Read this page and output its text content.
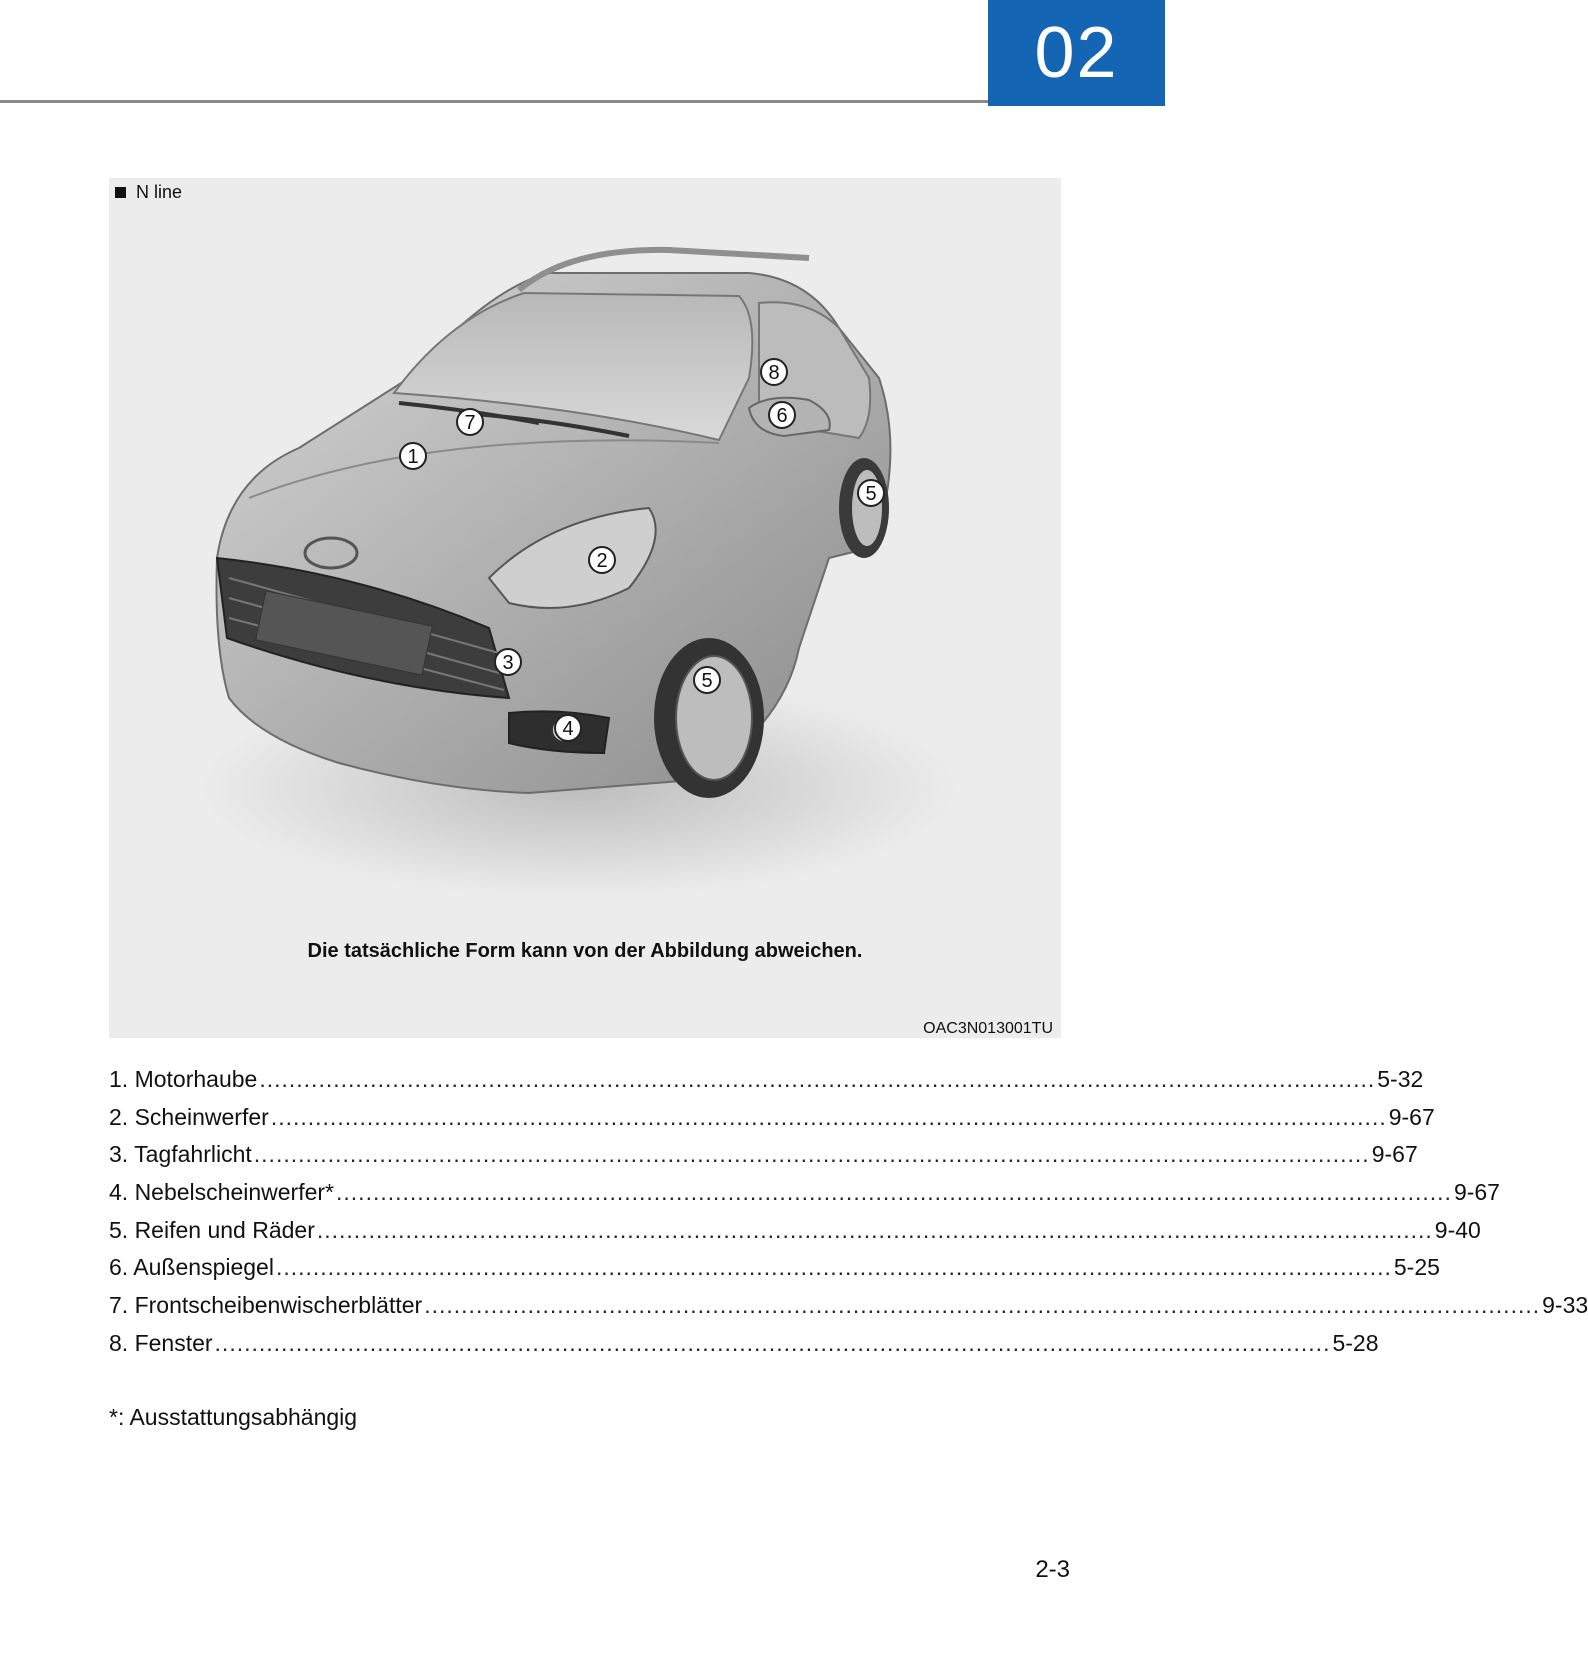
02
1
2
3
4
5
5
6
7
8
N line
Die tatsächliche Form kann von der Abbildung abweichen.
OAC3N013001TU
1. Motorhaube ....................................................................................................................................................... 5-32
2. Scheinwerfer ....................................................................................................................................................... 9-67
3. Tagfahrlicht ....................................................................................................................................................... 9-67
4. Nebelscheinwerfer* ....................................................................................................................................................... 9-67
5. Reifen und Räder ....................................................................................................................................................... 9-40
6. Außenspiegel ....................................................................................................................................................... 5-25
7. Frontscheibenwischerblätter ....................................................................................................................................................... 9-33
8. Fenster ....................................................................................................................................................... 5-28
*: Ausstattungsabhängig
2-3
